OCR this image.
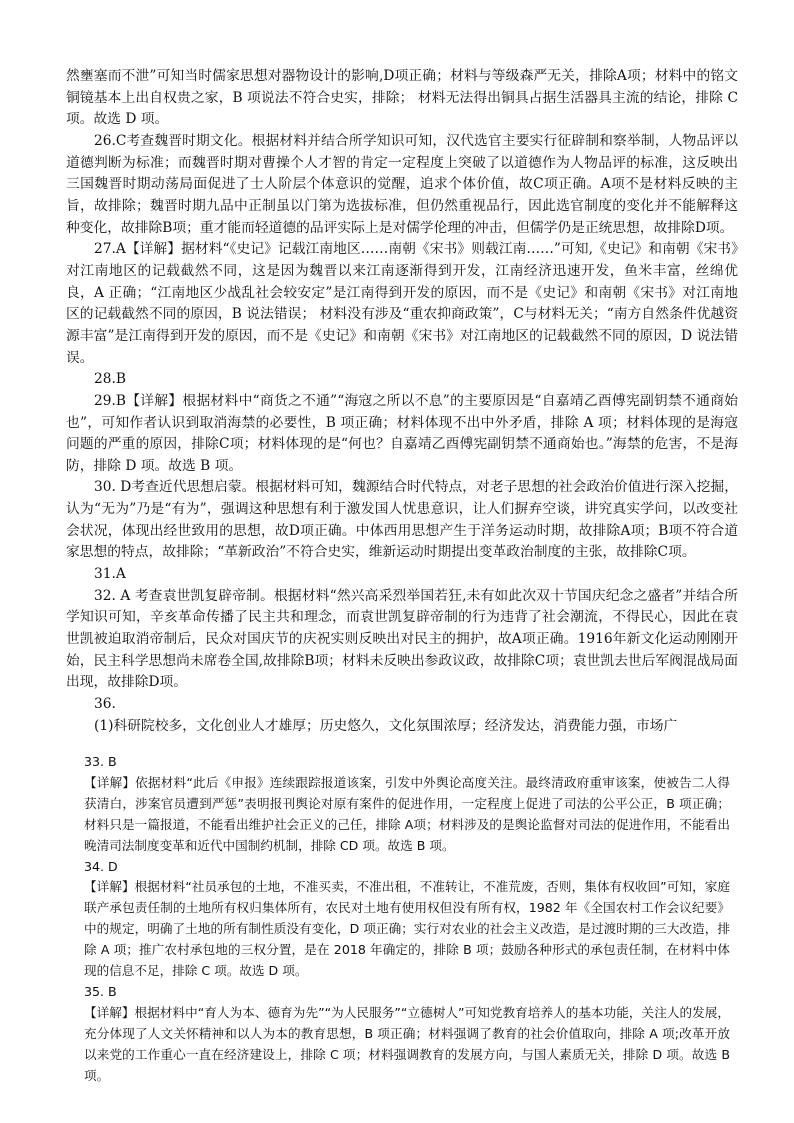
然壅塞而不泄”可知当时儒家思想对器物设计的影响,D项正确；材料与等级森严无关，排除A项；材料中的铭文铜镜基本上出自权贵之家，B 项说法不符合史实，排除； 材料无法得出铜具占据生活器具主流的结论，排除 C 项。故选 D 项。

26.C考查魏晋时期文化。根据材料并结合所学知识可知，汉代选官主要实行征辟制和察举制，人物品评以道德判断为标准；而魏晋时期对曹操个人才智的肯定一定程度上突破了以道德作为人物品评的标准，这反映出三国魏晋时期动荡局面促进了士人阶层个体意识的觉醒，追求个体价值，故C项正确。A项不是材料反映的主旨，故排除；魏晋时期九品中正制虽以门第为选拔标准，但仍然重视品行，因此选官制度的变化并不能解释这种变化，故排除B项；重才能而轻道德的品评实际上是对儒学伦理的冲击，但儒学仍是正统思想，故排除D项。

27.A【详解】据材料“《史记》记载江南地区……南朝《宋书》则载江南……”可知,《史记》和南朝《宋书》对江南地区的记载截然不同，这是因为魏晋以来江南逐渐得到开发，江南经济迅速开发，鱼米丰富，丝绵优良，A 正确；“江南地区少战乱社会较安定”是江南得到开发的原因，而不是《史记》和南朝《宋书》对江南地区的记载截然不同的原因，B 说法错误； 材料没有涉及“重农抑商政策”，C与材料无关；“南方自然条件优越资源丰富”是江南得到开发的原因，而不是《史记》和南朝《宋书》对江南地区的记载截然不同的原因，D 说法错误。

28.B

29.B【详解】根据材料中“商货之不通”“海寇之所以不息”的主要原因是“自嘉靖乙酉傅宪副钥禁不通商始也”，可知作者认识到取消海禁的必要性，B 项正确；材料体现不出中外矛盾，排除 A 项；材料体现的是海寇问题的严重的原因，排除C项；材料体现的是“何也？自嘉靖乙酉傅宪副钥禁不通商始也。”海禁的危害，不是海防，排除 D 项。故选 B 项。

30. D考查近代思想启蒙。根据材料可知，魏源结合时代特点，对老子思想的社会政治价值进行深入挖掘，认为“无为”乃是“有为”，强调这种思想有利于激发国人忧患意识，让人们摒弃空谈，讲究真实学问，以改变社会状况，体现出经世致用的思想，故D项正确。中体西用思想产生于洋务运动时期，故排除A项；B项不符合道家思想的特点，故排除；“革新政治”不符合史实，维新运动时期提出变革政治制度的主张，故排除C项。

31.A

32. A 考查袁世凯复辟帝制。根据材料“然兴高采烈举国若狂,未有如此次双十节国庆纪念之盛者”并结合所学知识可知，辛亥革命传播了民主共和理念，而袁世凯复辟帝制的行为违背了社会潮流，不得民心，因此在袁世凯被迫取消帝制后，民众对国庆节的庆祝实则反映出对民主的拥护，故A项正确。1916年新文化运动刚刚开始，民主科学思想尚未席卷全国,故排除B项；材料未反映出参政议政，故排除C项；袁世凯去世后军阀混战局面出现，故排除D项。

36.

(1)科研院校多，文化创业人才雄厚；历史悠久，文化氛围浓厚；经济发达，消费能力强，市场广

33. B

【详解】依据材料“此后《申报》连续跟踪报道该案，引发中外舆论高度关注。最终清政府重审该案，使被告二人得获清白，涉案官员遭到严惩”表明报刊舆论对原有案件的促进作用，一定程度上促进了司法的公平公正，B 项正确；材料只是一篇报道，不能看出维护社会正义的己任，排除 A项；材料涉及的是舆论监督对司法的促进作用，不能看出晚清司法制度变革和近代中国制约机制，排除 CD 项。故选 B 项。

34. D

【详解】根据材料“社员承包的土地，不准买卖，不准出租，不准转让，不准荒废，否则，集体有权收回”可知，家庭联产承包责任制的土地所有权归集体所有，农民对土地有使用权但没有所有权，1982 年《全国农村工作会议纪要》中的规定，明确了土地的所有制性质没有变化，D 项正确；实行对农业的社会主义改造，是过渡时期的三大改造，排除 A 项；推广农村承包地的三权分置，是在 2018 年确定的，排除 B 项；鼓励各种形式的承包责任制，在材料中体现的信息不足，排除 C 项。故选 D 项。

35. B

【详解】根据材料中“育人为本、德育为先”“为人民服务”“立德树人”可知党教育培养人的基本功能，关注人的发展，充分体现了人文关怀精神和以人为本的教育思想，B 项正确；材料强调了教育的社会价值取向，排除 A 项;改革开放以来党的工作重心一直在经济建设上，排除 C 项；材料强调教育的发展方向，与国人素质无关，排除 D 项。故选 B 项。
